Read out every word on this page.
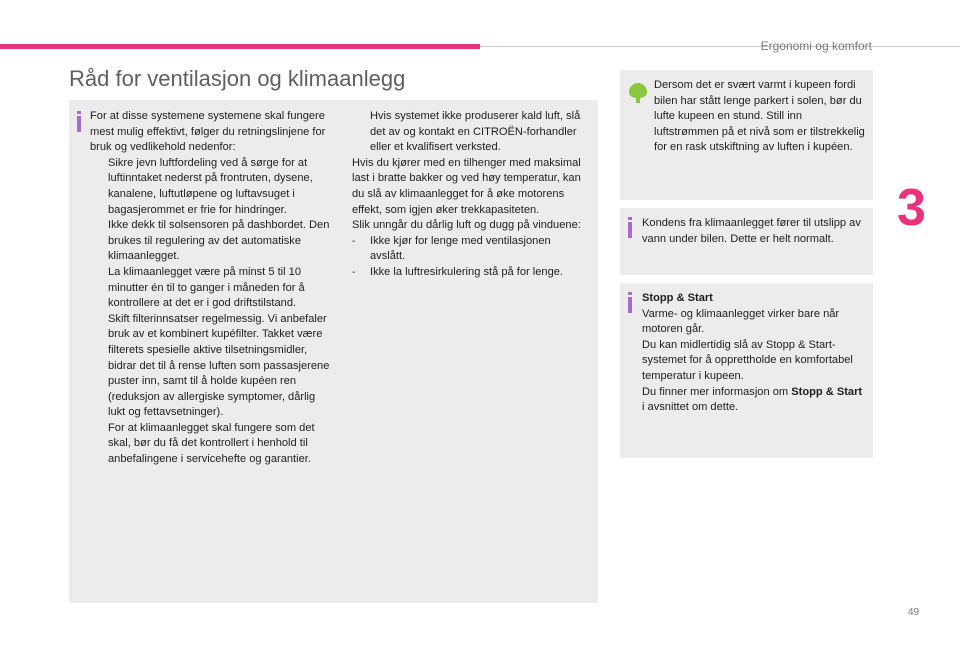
Ergonomi og komfort
3
49
Råd for ventilasjon og klimaanlegg

For at disse systemene systemene skal fungere mest mulig effektivt, følger du retningslinjene for bruk og vedlikehold nedenfor:

Sikre jevn luftfordeling ved å sørge for at luftinntaket nederst på frontruten, dysene, kanalene, luftutløpene og luftavsuget i bagasjerommet er frie for hindringer.
Ikke dekk til solsensoren på dashbordet. Den brukes til regulering av det automatiske klimaanlegget.
La klimaanlegget være på minst 5 til 10 minutter én til to ganger i måneden for å kontrollere at det er i god driftstilstand.
Skift filterinnsatser regelmessig. Vi anbefaler bruk av et kombinert kupéfilter. Takket være filterets spesielle aktive tilsetningsmidler, bidrar det til å rense luften som passasjerene puster inn, samt til å holde kupéen ren (reduksjon av allergiske symptomer, dårlig lukt og fettavsetninger).
For at klimaanlegget skal fungere som det skal, bør du få det kontrollert i henhold til anbefalingene i servicehefte og garantier.
Hvis systemet ikke produserer kald luft, slå det av og kontakt en CITROËN-forhandler eller et kvalifisert verksted.

Hvis du kjører med en tilhenger med maksimal last i bratte bakker og ved høy temperatur, kan du slå av klimaanlegget for å øke motorens effekt, som igjen øker trekkapasiteten.

Slik unngår du dårlig luft og dugg på vinduene:

- Ikke kjør for lenge med ventilasjonen avslått.
- Ikke la luftresirkulering stå på for lenge.

Dersom det er svært varmt i kupeen fordi bilen har stått lenge parkert i solen, bør du lufte kupeen en stund. Still inn luftstrømmen på et nivå som er tilstrekkelig for en rask utskiftning av luften i kupéen.

Kondens fra klimaanlegget fører til utslipp av vann under bilen. Dette er helt normalt.

Stopp & Start

Varme- og klimaanlegget virker bare når motoren går.

Du kan midlertidig slå av Stopp & Start-systemet for å opprettholde en komfortabel temperatur i kupeen.

Du finner mer informasjon om Stopp & Start i avsnittet om dette.
